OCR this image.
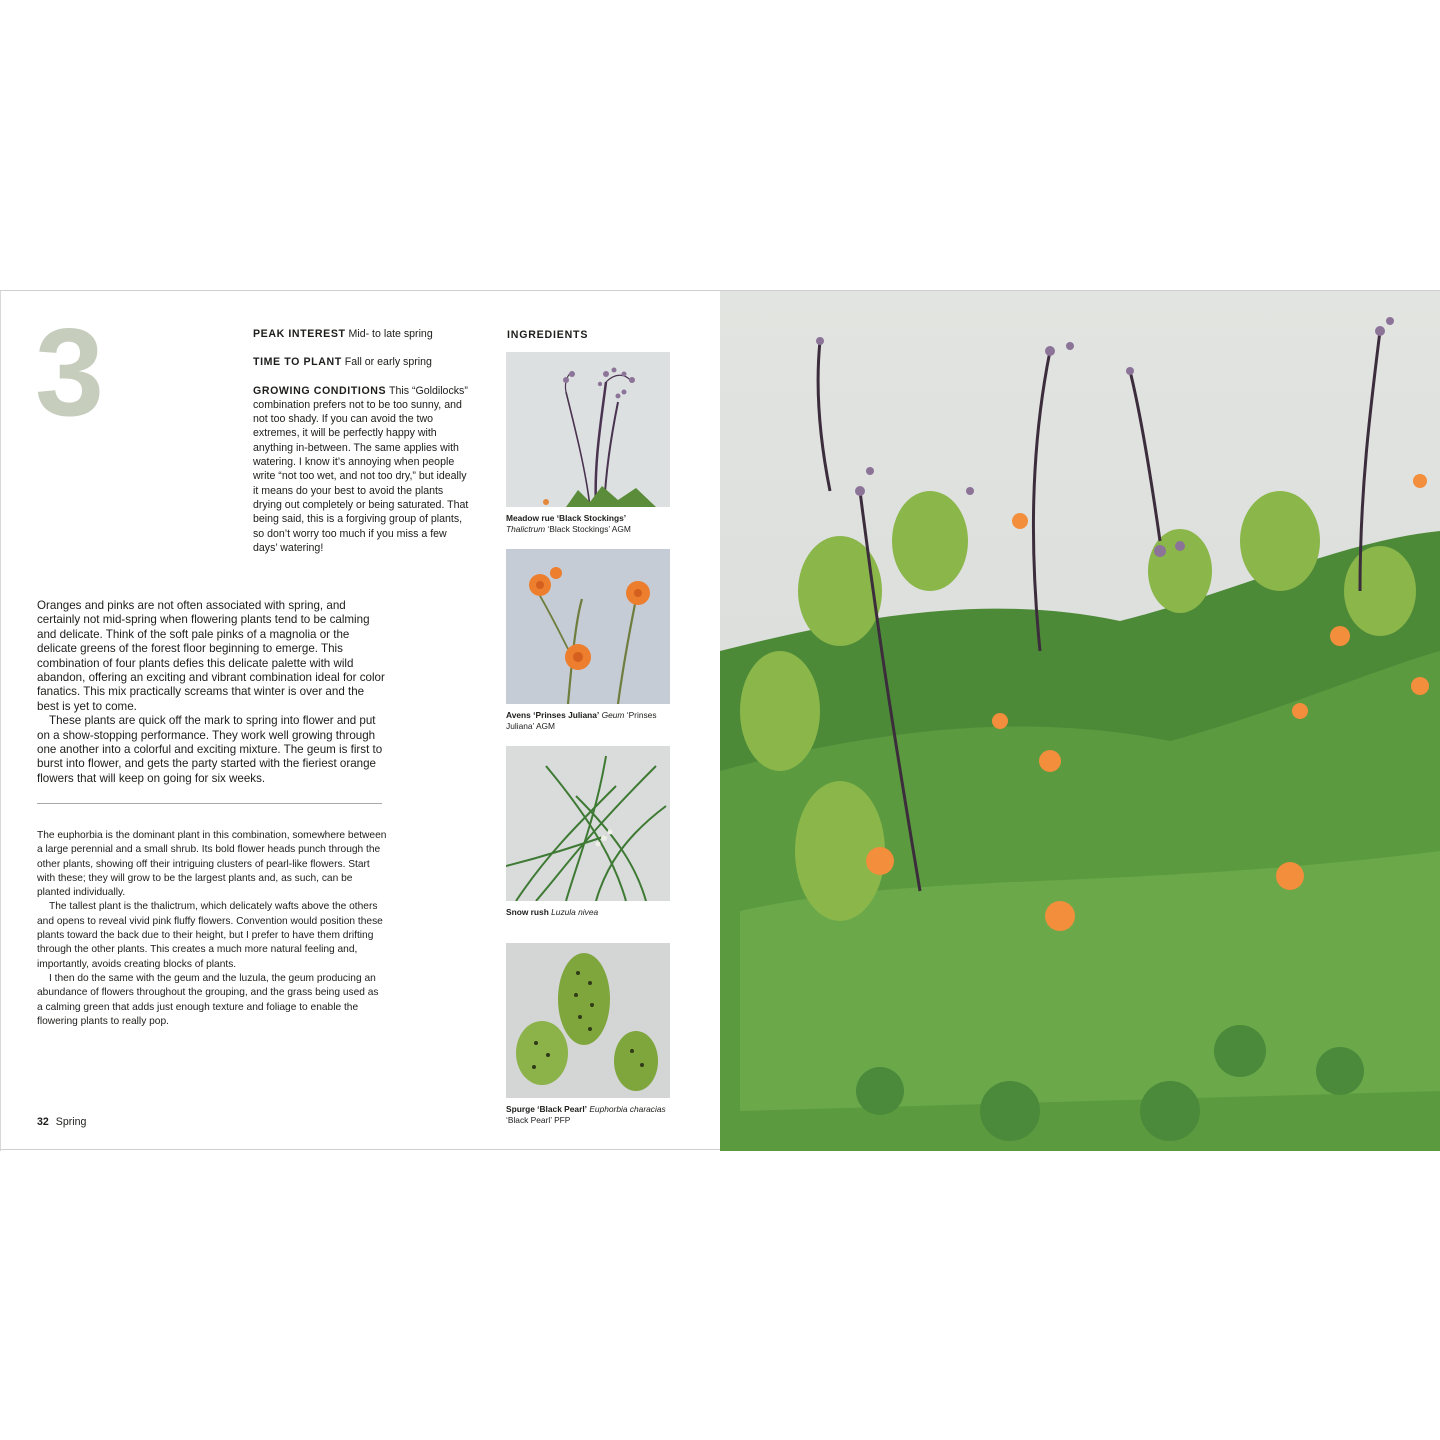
3	PEAK INTEREST Mid- to late spring

TIME TO PLANT Fall or early spring

GROWING CONDITIONS This “Goldilocks” combination prefers not to be too sunny, and not too shady. If you can avoid the two extremes, it will be perfectly happy with anything in-between. The same applies with watering. I know it’s annoying when people write “not too wet, and not too dry,” but ideally it means do your best to avoid the plants drying out completely or being saturated. That being said, this is a forgiving group of plants, so don’t worry too much if you miss a few days’ watering!

Oranges and pinks are not often associated with spring, and certainly not mid-spring when flowering plants tend to be calming and delicate. Think of the soft pale pinks of a magnolia or the delicate greens of the forest floor beginning to emerge. This combination of four plants defies this delicate palette with wild abandon, offering an exciting and vibrant combination ideal for color fanatics. This mix practically screams that winter is over and the best is yet to come.

These plants are quick off the mark to spring into flower and put on a show-stopping performance. They work well growing through one another into a colorful and exciting mixture. The geum is first to burst into flower, and gets the party started with the fieriest orange flowers that will keep on going for six weeks.

The euphorbia is the dominant plant in this combination, somewhere between a large perennial and a small shrub. Its bold flower heads punch through the other plants, showing off their intriguing clusters of pearl-like flowers. Start with these; they will grow to be the largest plants and, as such, can be planted individually.

The tallest plant is the thalictrum, which delicately wafts above the others and opens to reveal vivid pink fluffy flowers. Convention would position these plants toward the back due to their height, but I prefer to have them drifting through the other plants. This creates a much more natural feeling and, importantly, avoids creating blocks of plants.

I then do the same with the geum and the luzula, the geum producing an abundance of flowers throughout the grouping, and the grass being used as a calming green that adds just enough texture and foliage to enable the flowering plants to really pop.

32 Spring
INGREDIENTS
Meadow rue ‘Black Stockings’
Thalictrum ‘Black Stockings’ AGM
Avens ‘Prinses Juliana’ Geum ‘Prinses Juliana’ AGM
Snow rush Luzula nivea
Spurge ‘Black Pearl’ Euphorbia characias ‘Black Pearl’ PFP
